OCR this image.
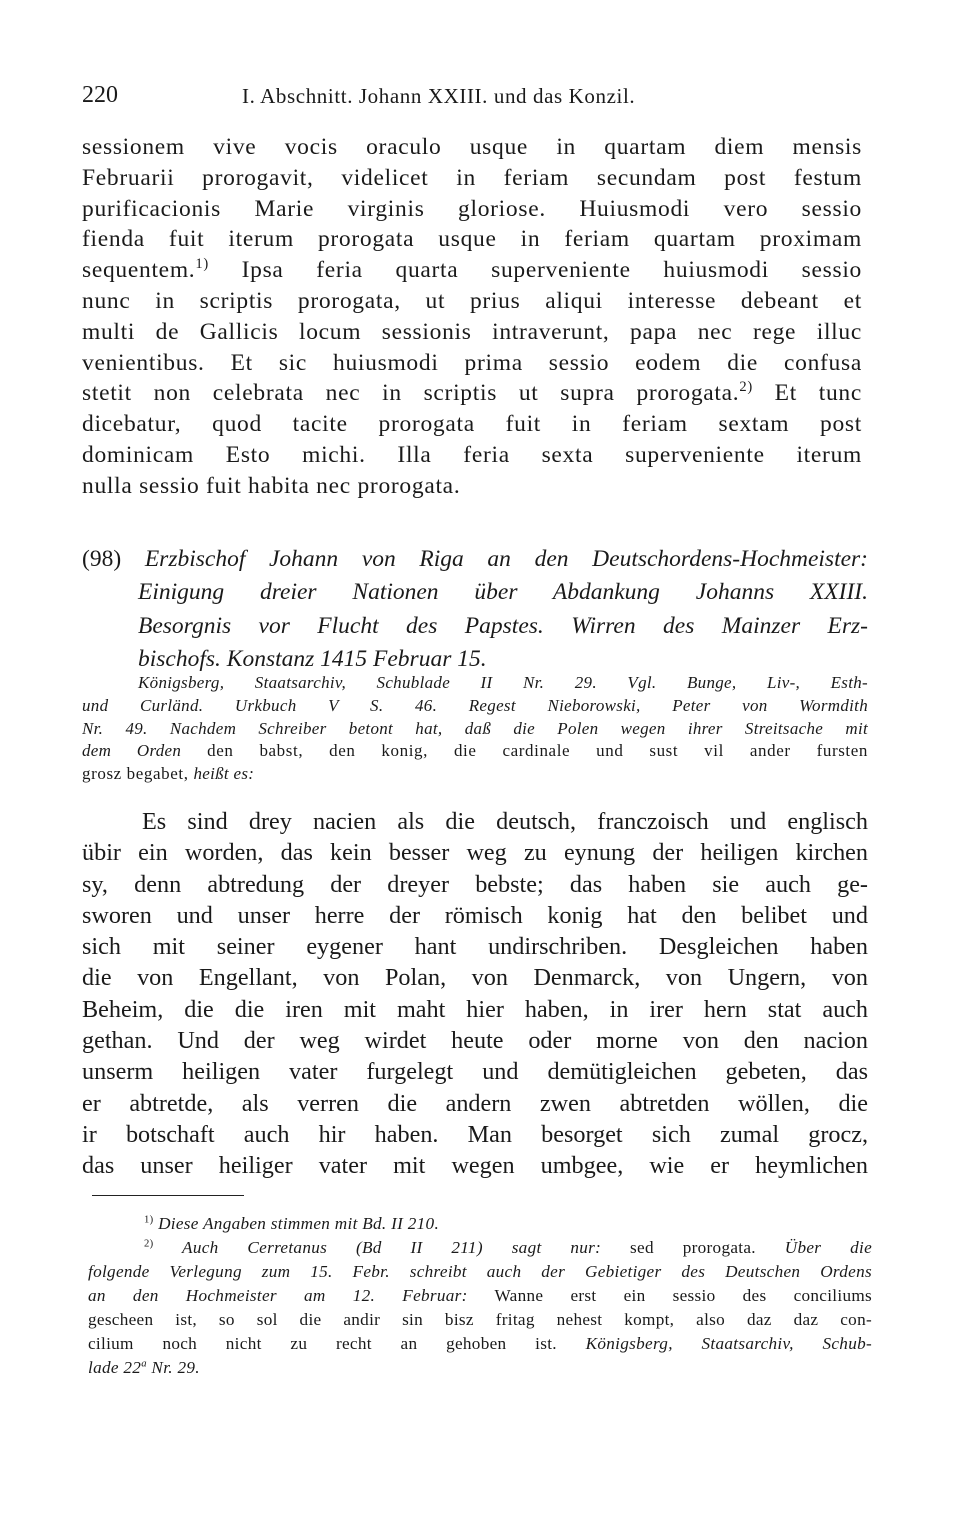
220	I. Abschnitt. Johann XXIII. und das Konzil.
sessionem vive vocis oraculo usque in quartam diem mensis
Februarii prorogavit, videlicet in feriam secundam post festum
purificacionis Marie virginis gloriose. Huiusmodi vero sessio
fienda fuit iterum prorogata usque in feriam quartam proximam
sequentem.$^{1)}$ Ipsa feria quarta superveniente huiusmodi sessio
nunc in scriptis prorogata, ut prius aliqui interesse debeant et
multi de Gallicis locum sessionis intraverunt, papa nec rege illuc
venientibus. Et sic huiusmodi prima sessio eodem die confusa
stetit non celebrata nec in scriptis ut supra prorogata.$^{2)}$ Et tunc
dicebatur, quod tacite prorogata fuit in feriam sextam post
dominicam Esto michi. Illa feria sexta superveniente iterum
nulla sessio fuit habita nec prorogata.
(98) Erzbischof Johann von Riga an den Deutschordens-Hochmeister:
Einigung dreier Nationen über Abdankung Johanns XXIII.
Besorgnis vor Flucht des Papstes. Wirren des Mainzer Erz-
bischofs. Konstanz 1415 Februar 15.
Königsberg, Staatsarchiv, Schublade II Nr. 29. Vgl. Bunge, Liv-, Esth-
und Curländ. Urkbuch V S. 46. Regest Nieborowski, Peter von Wormdith
Nr. 49. Nachdem Schreiber betont hat, daß die Polen wegen ihrer Streitsache mit
dem Orden den babst, den konig, die cardinale und sust vil ander fursten
grosz begabet, heißt es:
Es sind drey nacien als die deutsch, franczoisch und englisch
übir ein worden, das kein besser weg zu eynung der heiligen kirchen
sy, denn abtredung der dreyer bebste; das haben sie auch ge-
sworen und unser herre der römisch konig hat den belibet und
sich mit seiner eygener hant undirschriben. Desgleichen haben
die von Engellant, von Polan, von Denmarck, von Ungern, von
Beheim, die die iren mit maht hier haben, in irer hern stat auch
gethan. Und der weg wirdet heute oder morne von den nacion
unserm heiligen vater furgelegt und demütigleichen gebeten, das
er abtretde, als verren die andern zwen abtretden wöllen, die
ir botschaft auch hir haben. Man besorget sich zumal grocz,
das unser heiliger vater mit wegen umbgee, wie er heymlichen
$^{1)}$ Diese Angaben stimmen mit Bd. II 210.
$^{2)}$ Auch Cerretanus (Bd II 211) sagt nur: sed prorogata. Über die
folgende Verlegung zum 15. Febr. schreibt auch der Gebietiger des Deutschen Ordens
an den Hochmeister am 12. Februar: Wanne erst ein sessio des conciliums
gescheen ist, so sol die andir sin bisz fritag nehest kompt, also daz daz con-
cilium noch nicht zu recht an gehoben ist. Königsberg, Staatsarchiv, Schub-
lade 22$^a$ Nr. 29.
